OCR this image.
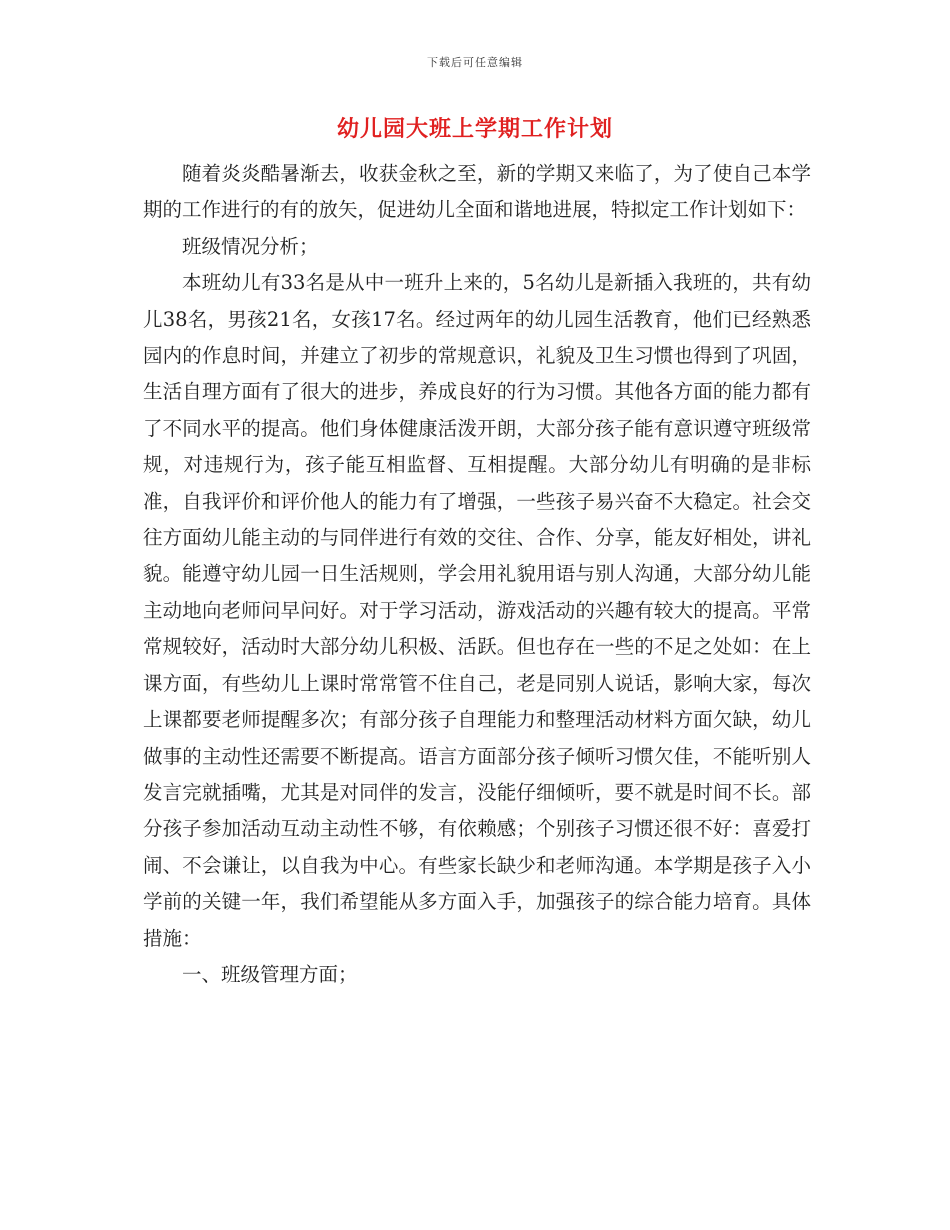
下载后可任意编辑
幼儿园大班上学期工作计划

随着炎炎酷暑渐去，收获金秋之至，新的学期又来临了，为了使自己本学期的工作进行的有的放矢，促进幼儿全面和谐地进展，特拟定工作计划如下：

班级情况分析；

本班幼儿有33名是从中一班升上来的，5名幼儿是新插入我班的，共有幼儿38名，男孩21名，女孩17名。经过两年的幼儿园生活教育，他们已经熟悉园内的作息时间，并建立了初步的常规意识，礼貌及卫生习惯也得到了巩固，生活自理方面有了很大的进步，养成良好的行为习惯。其他各方面的能力都有了不同水平的提高。他们身体健康活泼开朗，大部分孩子能有意识遵守班级常规，对违规行为，孩子能互相监督、互相提醒。大部分幼儿有明确的是非标准，自我评价和评价他人的能力有了增强，一些孩子易兴奋不大稳定。社会交往方面幼儿能主动的与同伴进行有效的交往、合作、分享，能友好相处，讲礼貌。能遵守幼儿园一日生活规则，学会用礼貌用语与别人沟通，大部分幼儿能主动地向老师问早问好。对于学习活动，游戏活动的兴趣有较大的提高。平常常规较好，活动时大部分幼儿积极、活跃。但也存在一些的不足之处如：在上课方面，有些幼儿上课时常常管不住自己，老是同别人说话，影响大家，每次上课都要老师提醒多次；有部分孩子自理能力和整理活动材料方面欠缺，幼儿做事的主动性还需要不断提高。语言方面部分孩子倾听习惯欠佳，不能听别人发言完就插嘴，尤其是对同伴的发言，没能仔细倾听，要不就是时间不长。部分孩子参加活动互动主动性不够，有依赖感；个别孩子习惯还很不好：喜爱打闹、不会谦让，以自我为中心。有些家长缺少和老师沟通。本学期是孩子入小学前的关键一年，我们希望能从多方面入手，加强孩子的综合能力培育。具体措施：

一、班级管理方面；
